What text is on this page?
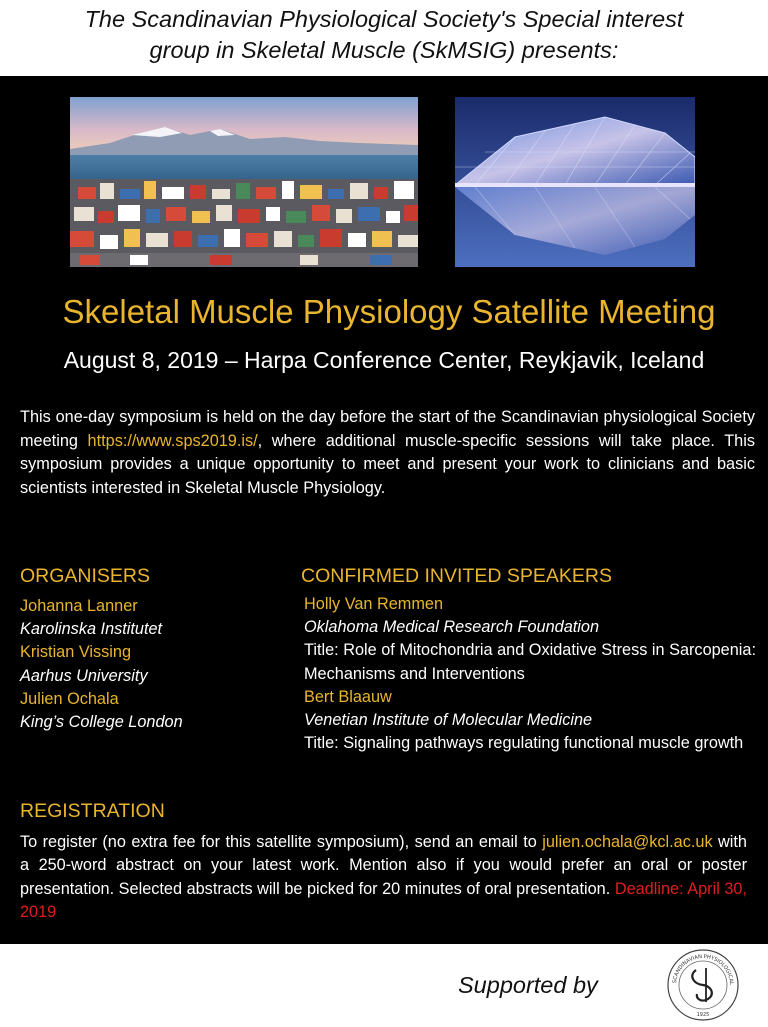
The Scandinavian Physiological Society's Special interest
group in Skeletal Muscle (SkMSIG) presents:
Skeletal Muscle Physiology Satellite Meeting
August 8, 2019 – Harpa Conference Center, Reykjavik, Iceland
This one-day symposium is held on the day before the start of the Scandinavian physiological Society meeting https://www.sps2019.is/, where additional muscle-specific sessions will take place. This symposium provides a unique opportunity to meet and present your work to clinicians and basic scientists interested in Skeletal Muscle Physiology.
ORGANISERS	CONFIRMED INVITED SPEAKERS
Johanna Lanner
Karolinska Institutet
Kristian Vissing
Aarhus University
Julien Ochala
King’s College London
Holly Van Remmen
Oklahoma Medical Research Foundation
Title: Role of Mitochondria and Oxidative Stress in Sarcopenia: Mechanisms and Interventions
Bert Blaauw
Venetian Institute of Molecular Medicine
Title: Signaling pathways regulating functional muscle growth
REGISTRATION
To register (no extra fee for this satellite symposium), send an email to julien.ochala@kcl.ac.uk with a 250-word abstract on your latest work. Mention also if you would prefer an oral or poster presentation. Selected abstracts will be picked for 20 minutes of oral presentation. Deadline: April 30, 2019
Supported by	SCANDINAVIAN PHYSIOLOGICAL
1925
